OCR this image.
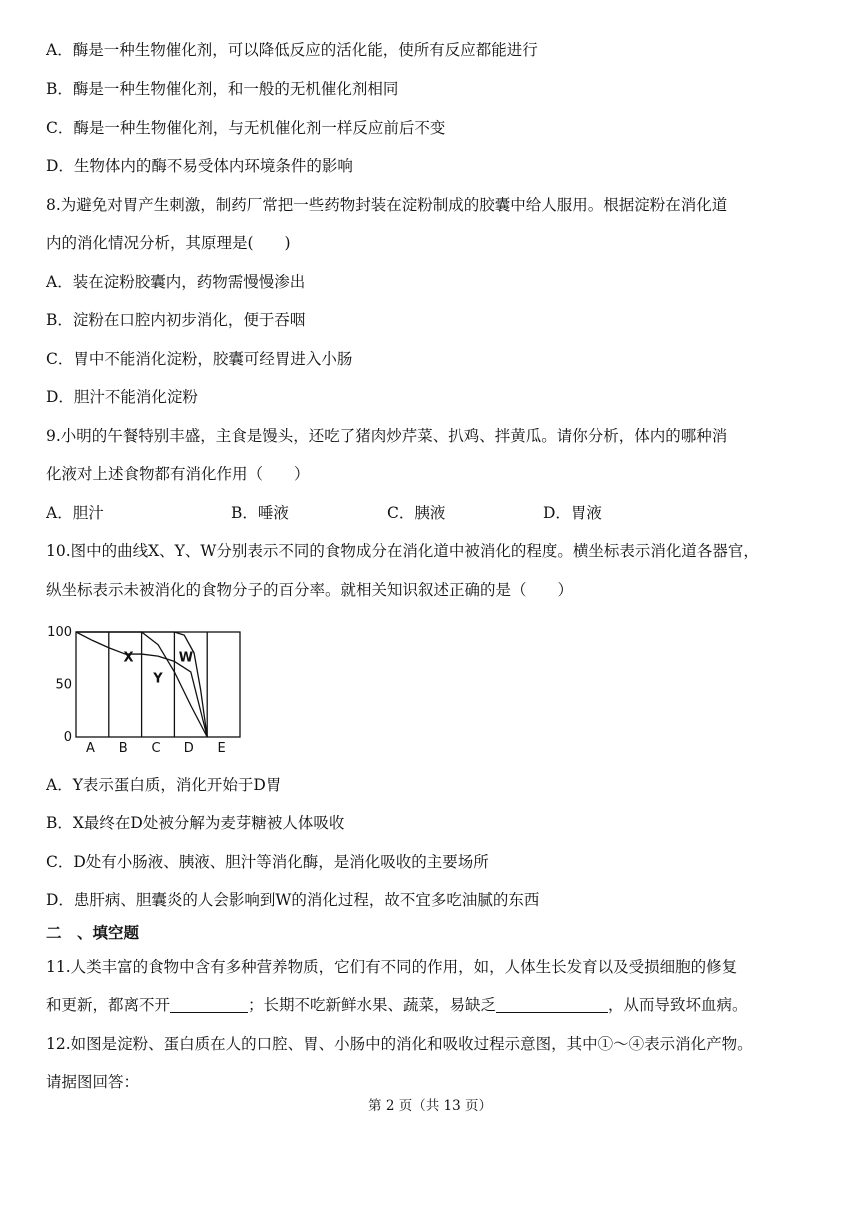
A．酶是一种生物催化剂，可以降低反应的活化能，使所有反应都能进行
B．酶是一种生物催化剂，和一般的无机催化剂相同
C．酶是一种生物催化剂，与无机催化剂一样反应前后不变
D．生物体内的酶不易受体内环境条件的影响
8.为避免对胃产生刺激，制药厂常把一些药物封装在淀粉制成的胶囊中给人服用。根据淀粉在消化道
内的消化情况分析，其原理是(　　)
A．装在淀粉胶囊内，药物需慢慢渗出
B．淀粉在口腔内初步消化，便于吞咽
C．胃中不能消化淀粉，胶囊可经胃进入小肠
D．胆汁不能消化淀粉
9.小明的午餐特别丰盛，主食是馒头，还吃了猪肉炒芹菜、扒鸡、拌黄瓜。请你分析，体内的哪种消
化液对上述食物都有消化作用（　　）
A．胆汁	B．唾液	C．胰液	D．胃液
10.图中的曲线X、Y、W分别表示不同的食物成分在消化道中被消化的程度。横坐标表示消化道各器官，
纵坐标表示未被消化的食物分子的百分率。就相关知识叙述正确的是（　　）
100
50
0
A B C D E
X
Y
W
A．Y表示蛋白质，消化开始于D胃
B．X最终在D处被分解为麦芽糖被人体吸收
C．D处有小肠液、胰液、胆汁等消化酶，是消化吸收的主要场所
D．患肝病、胆囊炎的人会影响到W的消化过程，故不宜多吃油腻的东西
二　、填空题
11.人类丰富的食物中含有多种营养物质，它们有不同的作用，如，人体生长发育以及受损细胞的修复
和更新，都离不开	；长期不吃新鲜水果、蔬菜，易缺乏	，从而导致坏血病。
12.如图是淀粉、蛋白质在人的口腔、胃、小肠中的消化和吸收过程示意图，其中①～④表示消化产物。
请据图回答：
第 2 页（共 13 页）
